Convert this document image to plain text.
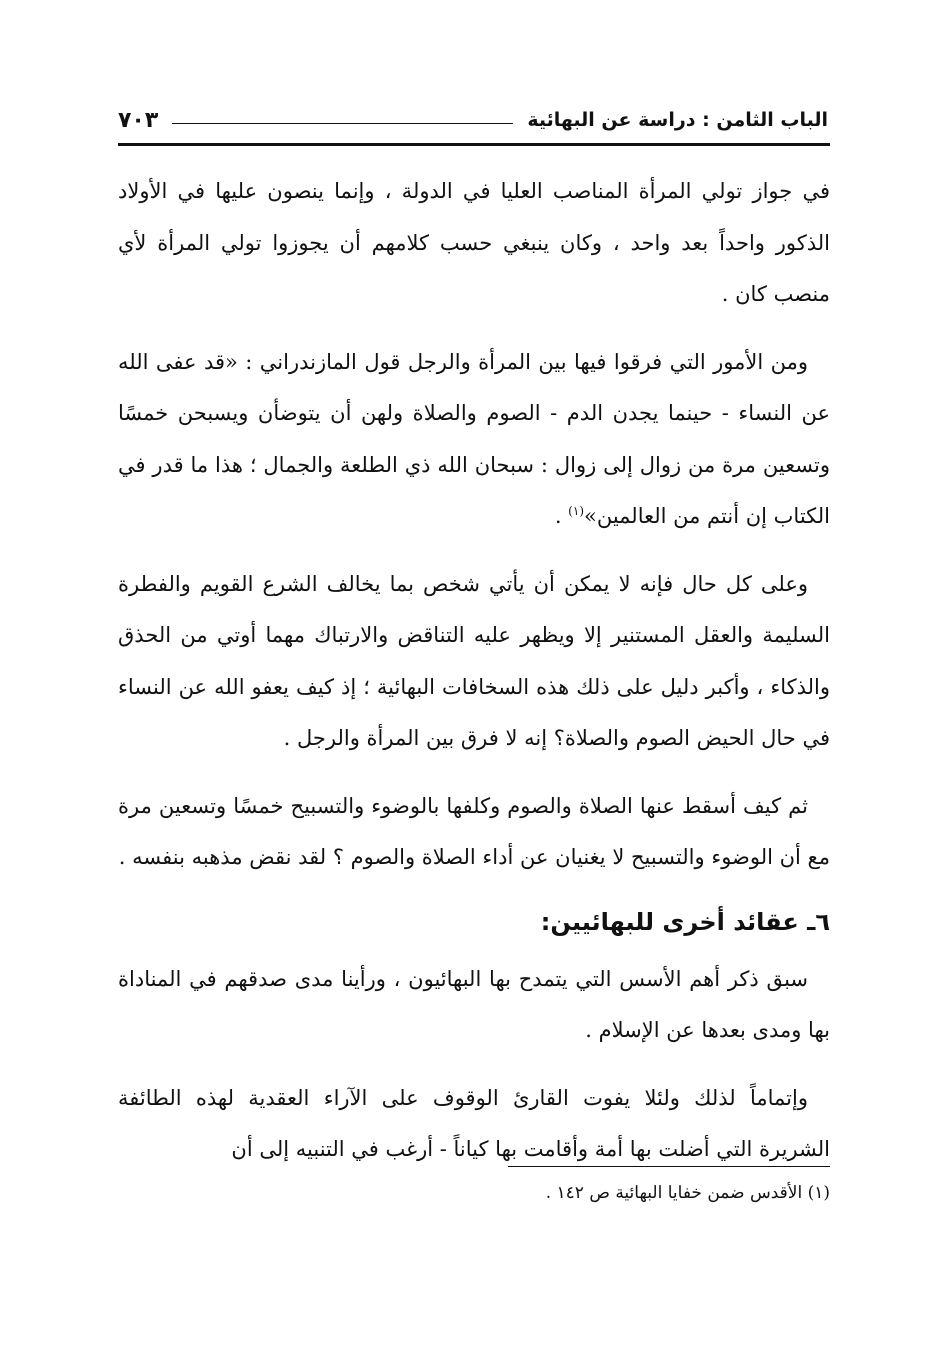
الباب الثامن : دراسة عن البهائية
٧٠٣

في جواز تولي المرأة المناصب العليا في الدولة ، وإنما ينصون عليها في الأولاد الذكور واحداً بعد واحد ، وكان ينبغي حسب كلامهم أن يجوزوا تولي المرأة لأي منصب كان .

ومن الأمور التي فرقوا فيها بين المرأة والرجل قول المازندراني : «قد عفى الله عن النساء - حينما يجدن الدم - الصوم والصلاة ولهن أن يتوضأن ويسبحن خمسًا وتسعين مرة من زوال إلى زوال : سبحان الله ذي الطلعة والجمال ؛ هذا ما قدر في الكتاب إن أنتم من العالمين»$^{(١)}$ .

وعلى كل حال فإنه لا يمكن أن يأتي شخص بما يخالف الشرع القويم والفطرة السليمة والعقل المستنير إلا ويظهر عليه التناقض والارتباك مهما أوتي من الحذق والذكاء ، وأكبر دليل على ذلك هذه السخافات البهائية ؛ إذ كيف يعفو الله عن النساء في حال الحيض الصوم والصلاة؟ إنه لا فرق بين المرأة والرجل .

ثم كيف أسقط عنها الصلاة والصوم وكلفها بالوضوء والتسبيح خمسًا وتسعين مرة مع أن الوضوء والتسبيح لا يغنيان عن أداء الصلاة والصوم ؟ لقد نقض مذهبه بنفسه .

٦ـ عقائد أخرى للبهائيين:

سبق ذكر أهم الأسس التي يتمدح بها البهائيون ، ورأينا مدى صدقهم في المناداة بها ومدى بعدها عن الإسلام .

وإتماماً لذلك ولئلا يفوت القارئ الوقوف على الآراء العقدية لهذه الطائفة الشريرة التي أضلت بها أمة وأقامت بها كياناً - أرغب في التنبيه إلى أن

(١) الأقدس ضمن خفايا البهائية ص ١٤٢ .
